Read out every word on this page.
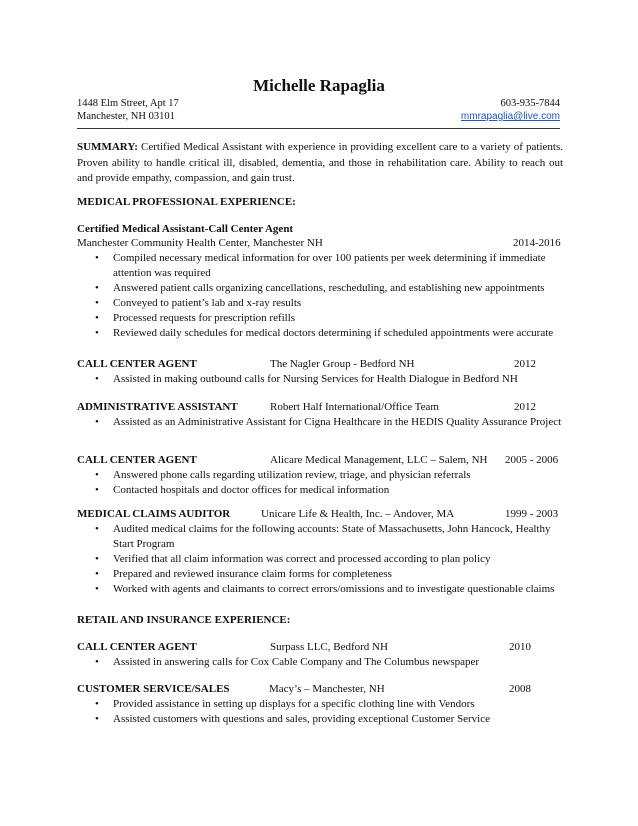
Michelle Rapaglia
1448 Elm Street, Apt 17	603-935-7844
Manchester, NH 03101	mmrapaglia@live.com
SUMMARY: Certified Medical Assistant with experience in providing excellent care to a variety of patients. Proven ability to handle critical ill, disabled, dementia, and those in rehabilitation care. Ability to reach out and provide empathy, compassion, and gain trust.
MEDICAL PROFESSIONAL EXPERIENCE:
Certified Medical Assistant-Call Center Agent
Manchester Community Health Center, Manchester NH	2014-2016
• Compiled necessary medical information for over 100 patients per week determining if immediate attention was required
• Answered patient calls organizing cancellations, rescheduling, and establishing new appointments
• Conveyed to patient’s lab and x-ray results
• Processed requests for prescription refills
• Reviewed daily schedules for medical doctors determining if scheduled appointments were accurate
CALL CENTER AGENT	The Nagler Group - Bedford NH	2012
• Assisted in making outbound calls for Nursing Services for Health Dialogue in Bedford NH
ADMINISTRATIVE ASSISTANT	Robert Half International/Office Team	2012
• Assisted as an Administrative Assistant for Cigna Healthcare in the HEDIS Quality Assurance Project
CALL CENTER AGENT	Alicare Medical Management, LLC – Salem, NH 2005 - 2006
• Answered phone calls regarding utilization review, triage, and physician referrals
• Contacted hospitals and doctor offices for medical information
MEDICAL CLAIMS AUDITOR	Unicare Life & Health, Inc. – Andover, MA	1999 - 2003
• Audited medical claims for the following accounts: State of Massachusetts, John Hancock, Healthy Start Program
• Verified that all claim information was correct and processed according to plan policy
• Prepared and reviewed insurance claim forms for completeness
• Worked with agents and claimants to correct errors/omissions and to investigate questionable claims
RETAIL AND INSURANCE EXPERIENCE:
CALL CENTER AGENT	Surpass LLC, Bedford NH	2010
• Assisted in answering calls for Cox Cable Company and The Columbus newspaper
CUSTOMER SERVICE/SALES	Macy’s – Manchester, NH	2008
• Provided assistance in setting up displays for a specific clothing line with Vendors
• Assisted customers with questions and sales, providing exceptional Customer Service
